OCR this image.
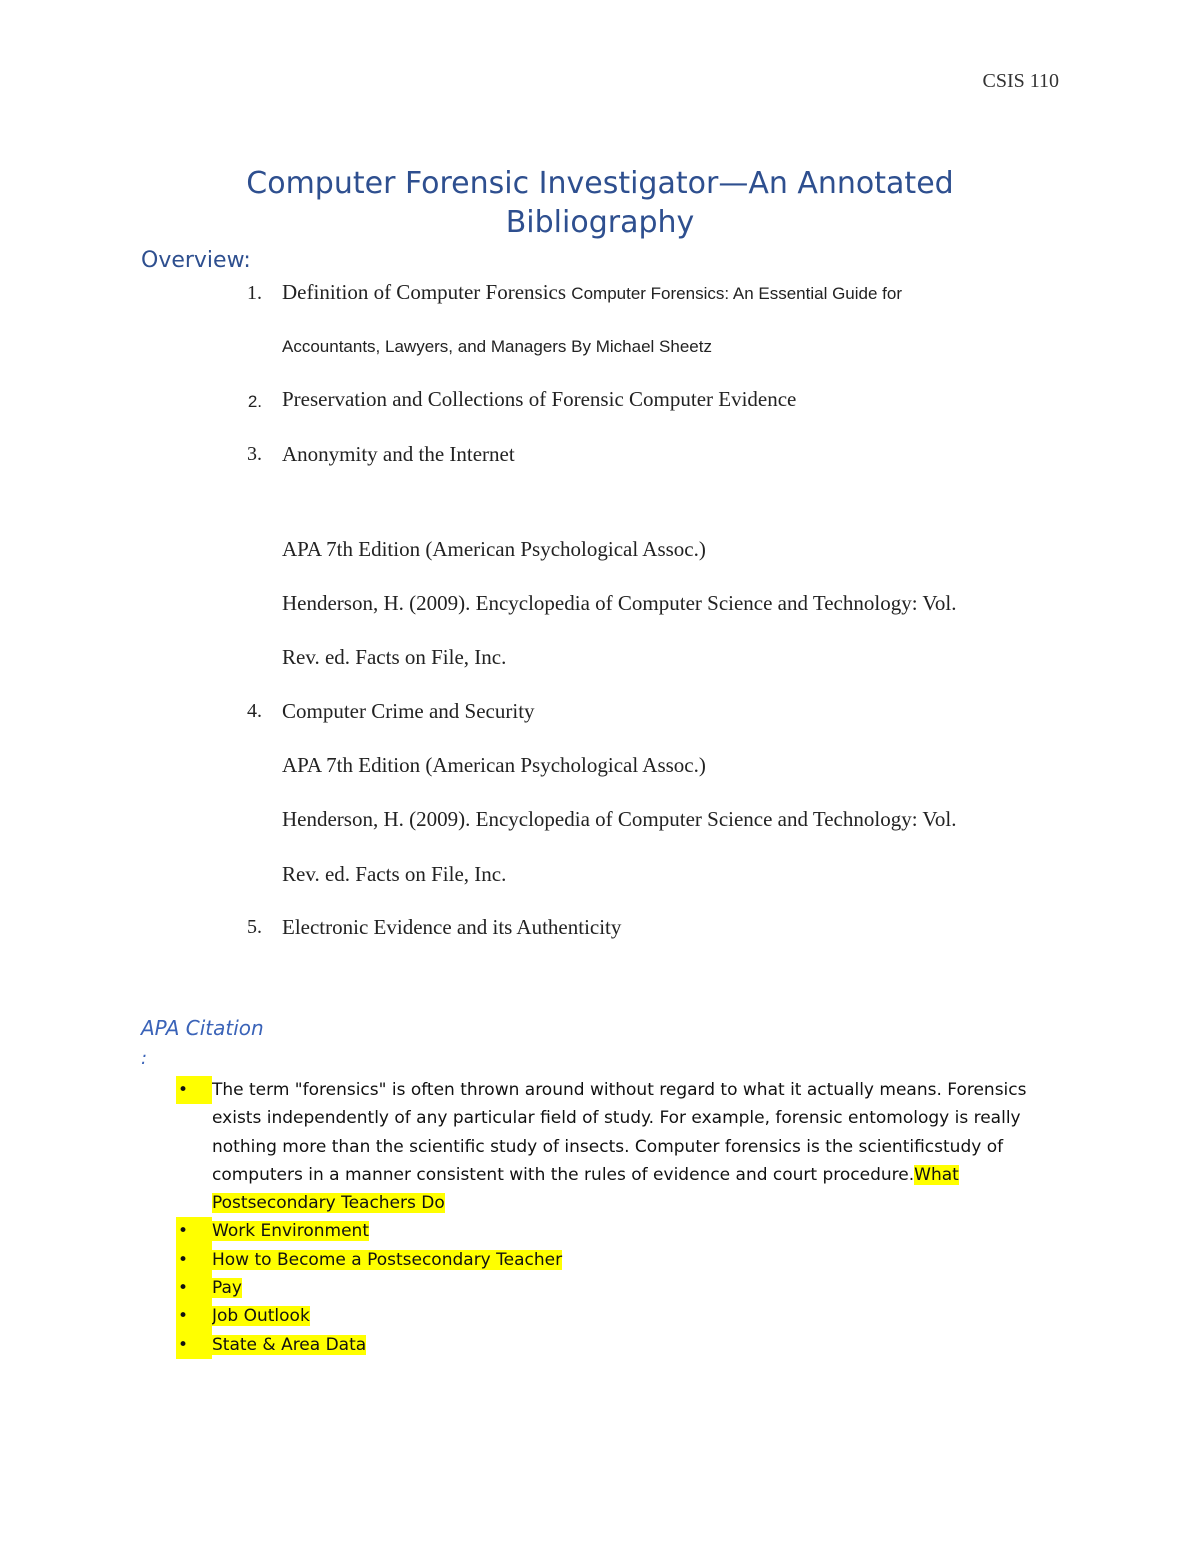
CSIS 110
Computer Forensic Investigator—An Annotated
Bibliography
Overview:
1. Definition of Computer Forensics Computer Forensics: An Essential Guide for
Accountants, Lawyers, and Managers By Michael Sheetz
2. Preservation and Collections of Forensic Computer Evidence
3. Anonymity and the Internet
APA 7th Edition (American Psychological Assoc.)
Henderson, H. (2009). Encyclopedia of Computer Science and Technology: Vol.
Rev. ed. Facts on File, Inc.
4. Computer Crime and Security
APA 7th Edition (American Psychological Assoc.)
Henderson, H. (2009). Encyclopedia of Computer Science and Technology: Vol.
Rev. ed. Facts on File, Inc.
5. Electronic Evidence and its Authenticity
APA Citation
:
•	The term "forensics" is often thrown around without regard to what it actually means. Forensics
exists independently of any particular field of study. For example, forensic entomology is really
nothing more than the scientific study of insects. Computer forensics is the scientificstudy of
computers in a manner consistent with the rules of evidence and court procedure.What
Postsecondary Teachers Do
•	Work Environment
•	How to Become a Postsecondary Teacher
•	Pay
•	Job Outlook
•	State & Area Data
